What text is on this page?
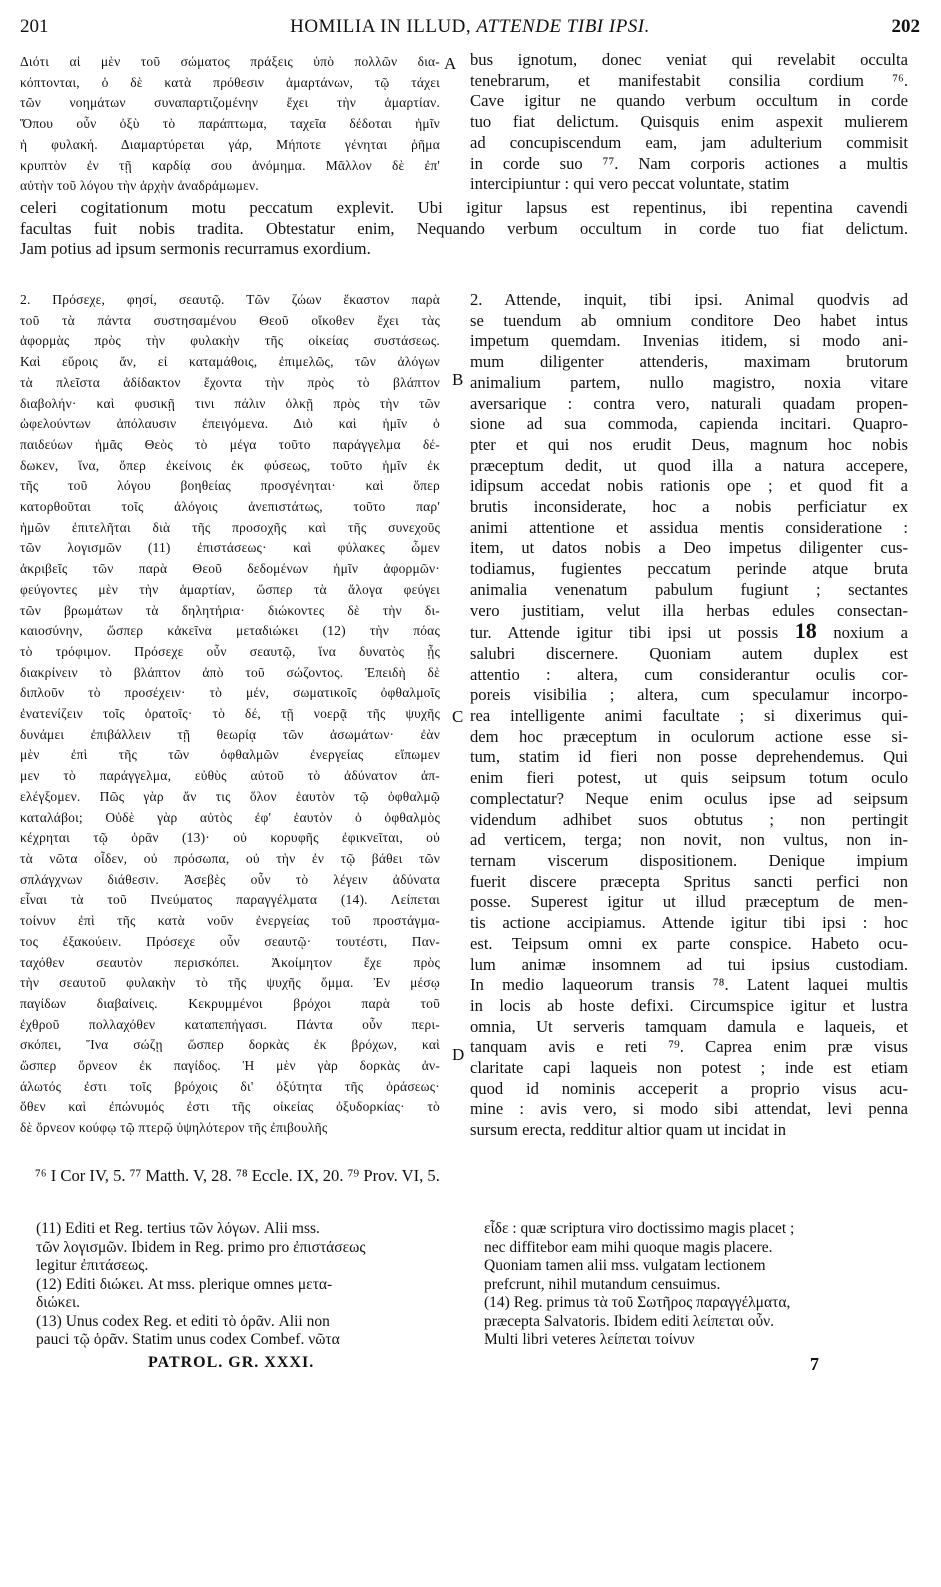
201	HOMILIA IN ILLUD, ATTENDE TIBI IPSI.	202
Διότι αἱ μὲν τοῦ σώματος πράξεις ὑπὸ πολλῶν δια-
κόπτονται, ὁ δὲ κατὰ πρόθεσιν ἁμαρτάνων, τῷ τάχει
τῶν νοημάτων συναπαρτιζομένην ἔχει τὴν ἁμαρτίαν.
Ὅπου οὖν ὀξὺ τὸ παράπτωμα, ταχεῖα δέδοται ἡμῖν
ἡ φυλακή. Διαμαρτύρεται γάρ, Μήποτε γένηται ῥῆμα
κρυπτὸν ἐν τῇ καρδίᾳ σου ἀνόμημα. Μᾶλλον δὲ ἐπ'
αὐτὴν τοῦ λόγου τὴν ἀρχὴν ἀναδράμωμεν.
bus ignotum, donec veniat qui revelabit occulta
tenebrarum, et manifestabit consilia cordium ⁷⁶.
Cave igitur ne quando verbum occultum in corde
tuo fiat delictum. Quisquis enim aspexit mulierem
ad concupiscendum eam, jam adulterium commisit
in corde suo ⁷⁷. Nam corporis actiones a multis
intercipiuntur : qui vero peccat voluntate, statim
celeri cogitationum motu peccatum explevit. Ubi igitur lapsus est repentinus, ibi repentina cavendi
facultas fuit nobis tradita. Obtestatur enim, Nequando verbum occultum in corde tuo fiat delictum.
Jam potius ad ipsum sermonis recurramus exordium.
2. Πρόσεχε, φησί, σεαυτῷ. Τῶν ζώων ἕκαστον παρὰ
τοῦ τὰ πάντα συστησαμένου Θεοῦ οἴκοθεν ἔχει τὰς
ἀφορμὰς πρὸς τὴν φυλακὴν τῆς οἰκείας συστάσεως.
Καὶ εὕροις ἄν, εἰ καταμάθοις, ἐπιμελῶς, τῶν ἀλόγων
τὰ πλεῖστα ἀδίδακτον ἔχοντα τὴν πρὸς τὸ βλάπτον
διαβολήν· καὶ φυσικῇ τινι πάλιν ὁλκῇ πρὸς τὴν τῶν
ὠφελούντων ἀπόλαυσιν ἐπειγόμενα. Διὸ καὶ ἡμῖν ὁ
παιδεύων ἡμᾶς Θεὸς τὸ μέγα τοῦτο παράγγελμα δέ-
δωκεν, ἵνα, ὅπερ ἐκείνοις ἐκ φύσεως, τοῦτο ἡμῖν ἐκ
τῆς τοῦ λόγου βοηθείας προσγένηται· καὶ ὅπερ
κατορθοῦται τοῖς ἀλόγοις ἀνεπιστάτως, τοῦτο παρ'
ἡμῶν ἐπιτελῆται διὰ τῆς προσοχῆς καὶ τῆς συνεχοῦς
τῶν λογισμῶν (11) ἐπιστάσεως· καὶ φύλακες ὦμεν
ἀκριβεῖς τῶν παρὰ Θεοῦ δεδομένων ἡμῖν ἀφορμῶν·
φεύγοντες μὲν τὴν ἁμαρτίαν, ὥσπερ τὰ ἄλογα φεύγει
τῶν βρωμάτων τὰ δηλητήρια· διώκοντες δὲ τὴν δι-
καιοσύνην, ὥσπερ κἀκεῖνα μεταδιώκει (12) τὴν πόας
τὸ τρόφιμον. Πρόσεχε οὖν σεαυτῷ, ἵνα δυνατὸς ᾖς
διακρίνειν τὸ βλάπτον ἀπὸ τοῦ σώζοντος. Ἐπειδὴ δὲ
διπλοῦν τὸ προσέχειν· τὸ μέν, σωματικοῖς ὀφθαλμοῖς
ἐνατενίζειν τοῖς ὁρατοῖς· τὸ δέ, τῇ νοερᾷ τῆς ψυχῆς
δυνάμει ἐπιβάλλειν τῇ θεωρίᾳ τῶν ἀσωμάτων· ἐὰν
μὲν ἐπὶ τῆς τῶν ὀφθαλμῶν ἐνεργείας εἴπωμεν
μεν τὸ παράγγελμα, εὐθὺς αὐτοῦ τὸ ἀδύνατον ἀπ-
ελέγξομεν. Πῶς γὰρ ἄν τις ὅλον ἑαυτὸν τῷ ὀφθαλμῷ
καταλάβοι; Οὐδὲ γὰρ αὐτὸς ἐφ' ἑαυτὸν ὁ ὀφθαλμὸς
κέχρηται τῷ ὁρᾶν (13)· οὐ κορυφῆς ἐφικνεῖται, οὐ
τὰ νῶτα οἶδεν, οὐ πρόσωπα, οὐ τὴν ἐν τῷ βάθει τῶν
σπλάγχνων διάθεσιν. Ἀσεβὲς οὖν τὸ λέγειν ἀδύνατα
εἶναι τὰ τοῦ Πνεύματος παραγγέλματα (14). Λείπεται
τοίνυν ἐπὶ τῆς κατὰ νοῦν ἐνεργείας τοῦ προστάγμα-
τος ἐξακούειν. Πρόσεχε οὖν σεαυτῷ· τουτέστι, Παν-
ταχόθεν σεαυτὸν περισκόπει. Ἀκοίμητον ἔχε πρὸς
τὴν σεαυτοῦ φυλακὴν τὸ τῆς ψυχῆς ὄμμα. Ἐν μέσῳ
παγίδων διαβαίνεις. Κεκρυμμένοι βρόχοι παρὰ τοῦ
ἐχθροῦ πολλαχόθεν καταπεπήγασι. Πάντα οὖν περι-
σκόπει, Ἵνα σώζῃ ὥσπερ δορκὰς ἐκ βρόχων, καὶ
ὥσπερ ὄρνεον ἐκ παγίδος. Ἡ μὲν γὰρ δορκὰς ἀν-
άλωτός ἐστι τοῖς βρόχοις δι' ὀξύτητα τῆς ὁράσεως·
ὅθεν καὶ ἐπώνυμός ἐστι τῆς οἰκείας ὀξυδορκίας· τὸ
δὲ ὄρνεον κούφῳ τῷ πτερῷ ὑψηλότερον τῆς ἐπιβουλῆς
2. Attende, inquit, tibi ipsi. Animal quodvis ad
se tuendum ab omnium conditore Deo habet intus
impetum quemdam. Invenias itidem, si modo ani-
mum diligenter attenderis, maximam brutorum
animalium partem, nullo magistro, noxia vitare
aversarique : contra vero, naturali quadam propen-
sione ad sua commoda, capienda incitari. Quapro-
pter et qui nos erudit Deus, magnum hoc nobis
præceptum dedit, ut quod illa a natura accepere,
idipsum accedat nobis rationis ope ; et quod fit a
brutis inconsiderate, hoc a nobis perficiatur ex
animi attentione et assidua mentis consideratione :
item, ut datos nobis a Deo impetus diligenter cus-
todiamus, fugientes peccatum perinde atque bruta
animalia venenatum pabulum fugiunt ; sectantes
vero justitiam, velut illa herbas edules consectan-
tur. Attende igitur tibi ipsi ut possis 18 noxium a
salubri discernere. Quoniam autem duplex est
attentio : altera, cum considerantur oculis cor-
poreis visibilia ; altera, cum speculamur incorpo-
rea intelligente animi facultate ; si dixerimus qui-
dem hoc præceptum in oculorum actione esse si-
tum, statim id fieri non posse deprehendemus. Qui
enim fieri potest, ut quis seipsum totum oculo
complectatur? Neque enim oculus ipse ad seipsum
videndum adhibet suos obtutus ; non pertingit
ad verticem, terga; non novit, non vultus, non in-
ternam viscerum dispositionem. Denique impium
fuerit discere præcepta Spritus sancti perfici non
posse. Superest igitur ut illud præceptum de men-
tis actione accipiamus. Attende igitur tibi ipsi : hoc
est. Teipsum omni ex parte conspice. Habeto ocu-
lum animæ insomnem ad tui ipsius custodiam.
In medio laqueorum transis ⁷⁸. Latent laquei multis
in locis ab hoste defixi. Circumspice igitur et lustra
omnia, Ut serveris tamquam damula e laqueis, et
tanquam avis e reti ⁷⁹. Caprea enim præ visus
claritate capi laqueis non potest ; inde est etiam
quod id nominis acceperit a proprio visus acu-
mine : avis vero, si modo sibi attendat, levi penna
sursum erecta, redditur altior quam ut incidat in
A
B
C
D
⁷⁶ I Cor IV, 5. ⁷⁷ Matth. V, 28. ⁷⁸ Eccle. IX, 20. ⁷⁹ Prov. VI, 5.
(11) Editi et Reg. tertius τῶν λόγων. Alii mss.
τῶν λογισμῶν. Ibidem in Reg. primo pro ἐπιστάσεως
legitur ἐπιτάσεως.
(12) Editi διώκει. At mss. plerique omnes μετα-
διώκει.
(13) Unus codex Reg. et editi τὸ ὁρᾶν. Alii non
pauci τῷ ὁρᾶν. Statim unus codex Combef. νῶτα
εἶδε : quæ scriptura viro doctissimo magis placet ;
nec diffitebor eam mihi quoque magis placere.
Quoniam tamen alii mss. vulgatam lectionem
prefcrunt, nihil mutandum censuimus.
(14) Reg. primus τὰ τοῦ Σωτῆρος παραγγέλματα,
præcepta Salvatoris. Ibidem editi λείπεται οὖν.
Multi libri veteres λείπεται τοίνυν
PATROL. GR. XXXI.	7
